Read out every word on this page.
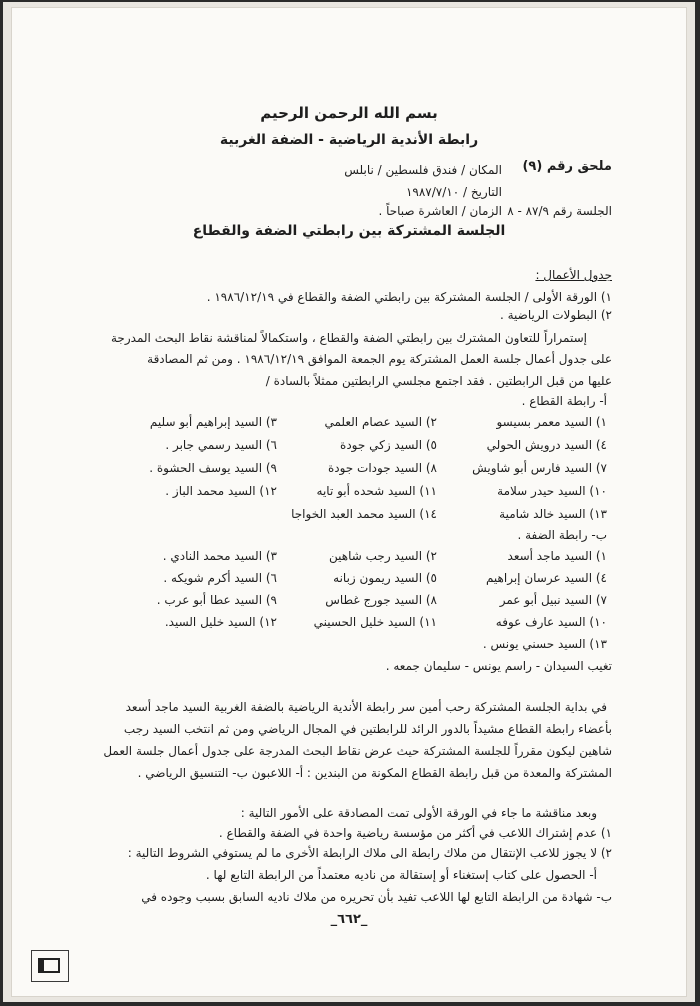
بسم الله الرحمن الرحيم
رابطة الأندية الرياضية - الضفة الغربية
ملحق رقم (٩)
المكان / فندق فلسطين / نابلس
التاريخ / ١٩٨٧/٧/١٠
الجلسة رقم ٨٧/٩ - ٨
الزمان / العاشرة صباحاً .
الجلسة المشتركة بين رابطتي الضفة والقطاع
جدول الأعمال :
١) الورقة الأولى / الجلسة المشتركة بين رابطتي الضفة والقطاع في ١٩٨٦/١٢/١٩ .
٢) البطولات الرياضية .
إستمراراً للتعاون المشترك بين رابطتي الضفة والقطاع ، واستكمالاً لمناقشة نقاط البحث المدرجة
على جدول أعمال جلسة العمل المشتركة يوم الجمعة الموافق ١٩٨٦/١٢/١٩ . ومن ثم المصادقة
عليها من قبل الرابطتين . فقد اجتمع مجلسي الرابطتين ممثلاً بالسادة /
أ- رابطة القطاع .
١) السيد معمر بسيسو
٢) السيد عصام العلمي
٣) السيد إبراهيم أبو سليم
٤) السيد درويش الحولي
٥) السيد زكي جودة
٦) السيد رسمي جابر .
٧) السيد فارس أبو شاويش
٨) السيد جودات جودة
٩) السيد يوسف الحشوة .
١٠) السيد حيدر سلامة
١١) السيد شحده أبو تايه
١٢) السيد محمد الباز .
١٣) السيد خالد شامية
١٤) السيد محمد العبد الخواجا
ب- رابطة الضفة .
١) السيد ماجد أسعد
٢) السيد رجب شاهين
٣) السيد محمد النادي .
٤) السيد عرسان إبراهيم
٥) السيد ريمون زبانه
٦) السيد أكرم شويكه .
٧) السيد نبيل أبو عمر
٨) السيد جورج غطاس
٩) السيد عطا أبو عرب .
١٠) السيد عارف عوفه
١١) السيد خليل الحسيني
١٢) السيد خليل السيد.
١٣) السيد حسني يونس .
تغيب السيدان - راسم يونس - سليمان جمعه .
في بداية الجلسة المشتركة رحب أمين سر رابطة الأندية الرياضية بالضفة الغربية السيد ماجد أسعد
بأعضاء رابطة القطاع مشيداً بالدور الرائد للرابطتين في المجال الرياضي ومن ثم انتخب السيد رجب
شاهين ليكون مقرراً للجلسة المشتركة حيث عرض نقاط البحث المدرجة على جدول أعمال جلسة العمل
المشتركة والمعدة من قبل رابطة القطاع المكونة من البندين : أ- اللاعبون ب- التنسيق الرياضي .
وبعد مناقشة ما جاء في الورقة الأولى تمت المصادقة على الأمور التالية :
١) عدم إشتراك اللاعب في أكثر من مؤسسة رياضية واحدة في الضفة والقطاع .
٢) لا يجوز للاعب الإنتقال من ملاك رابطة الى ملاك الرابطة الأخرى ما لم يستوفي الشروط التالية :
أ- الحصول على كتاب إستغناء أو إستقالة من ناديه معتمداً من الرابطة التابع لها .
ب- شهادة من الرابطة التابع لها اللاعب تفيد بأن تحريره من ملاك ناديه السابق بسبب وجوده في
_٦٦٢_
